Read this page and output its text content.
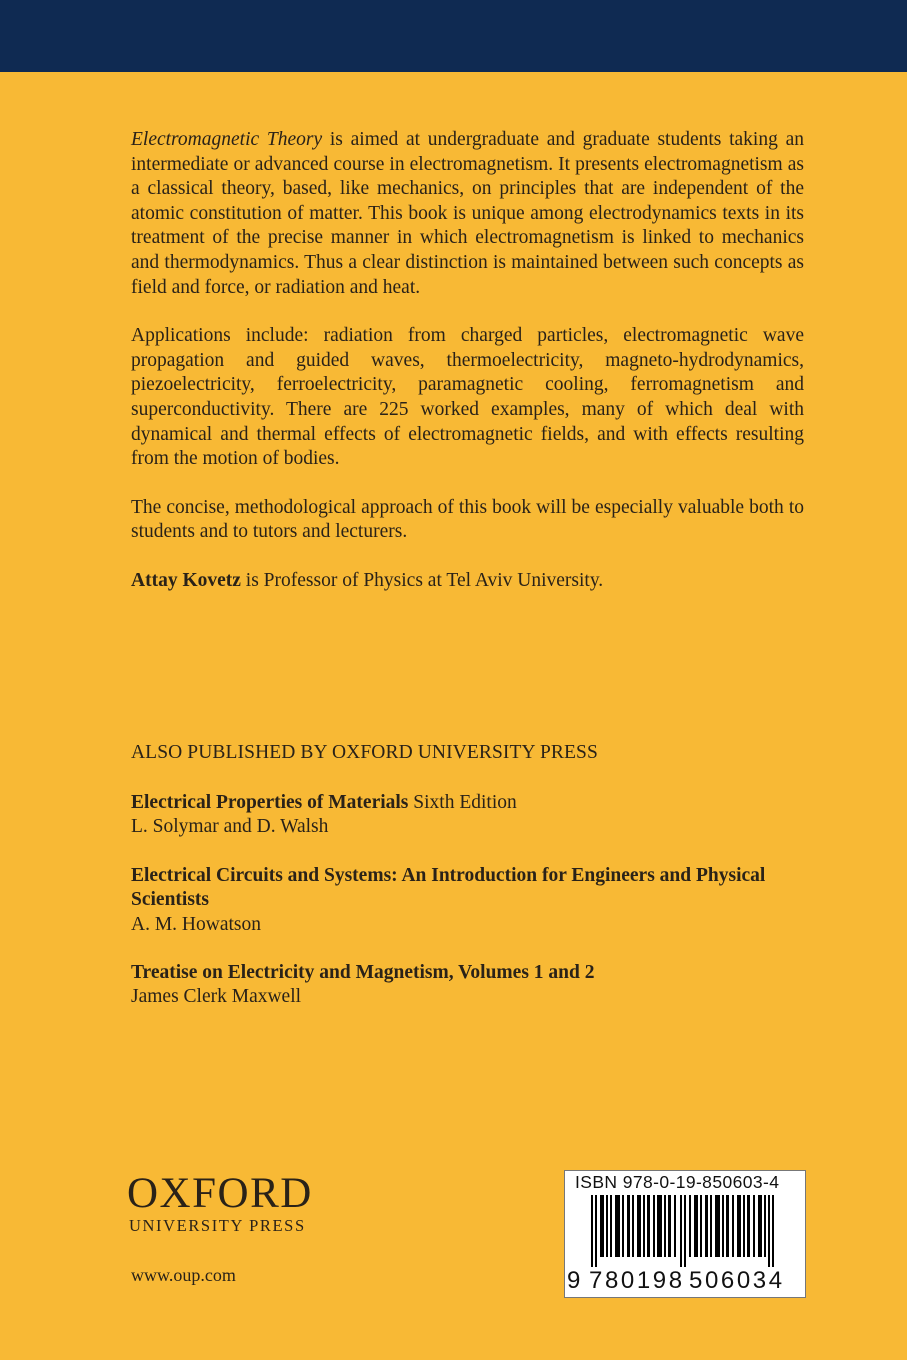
Electromagnetic Theory is aimed at undergraduate and graduate students taking an intermediate or advanced course in electromagnetism. It presents electromagnetism as a classical theory, based, like mechanics, on principles that are independent of the atomic constitution of matter. This book is unique among electrodynamics texts in its treatment of the precise manner in which electromagnetism is linked to mechanics and thermodynamics. Thus a clear distinction is maintained between such concepts as field and force, or radiation and heat.

Applications include: radiation from charged particles, electromagnetic wave propagation and guided waves, thermoelectricity, magneto-hydrodynamics, piezoelectricity, ferroelectricity, paramagnetic cooling, ferromagnetism and superconductivity. There are 225 worked examples, many of which deal with dynamical and thermal effects of electromagnetic fields, and with effects resulting from the motion of bodies.

The concise, methodological approach of this book will be especially valuable both to students and to tutors and lecturers.

Attay Kovetz is Professor of Physics at Tel Aviv University.

ALSO PUBLISHED BY OXFORD UNIVERSITY PRESS
Electrical Properties of Materials Sixth Edition
L. Solymar and D. Walsh
Electrical Circuits and Systems: An Introduction for Engineers and Physical Scientists
A. M. Howatson
Treatise on Electricity and Magnetism, Volumes 1 and 2
James Clerk Maxwell
OXFORD
UNIVERSITY PRESS
www.oup.com
ISBN 978-0-19-850603-4
9 780198 506034
